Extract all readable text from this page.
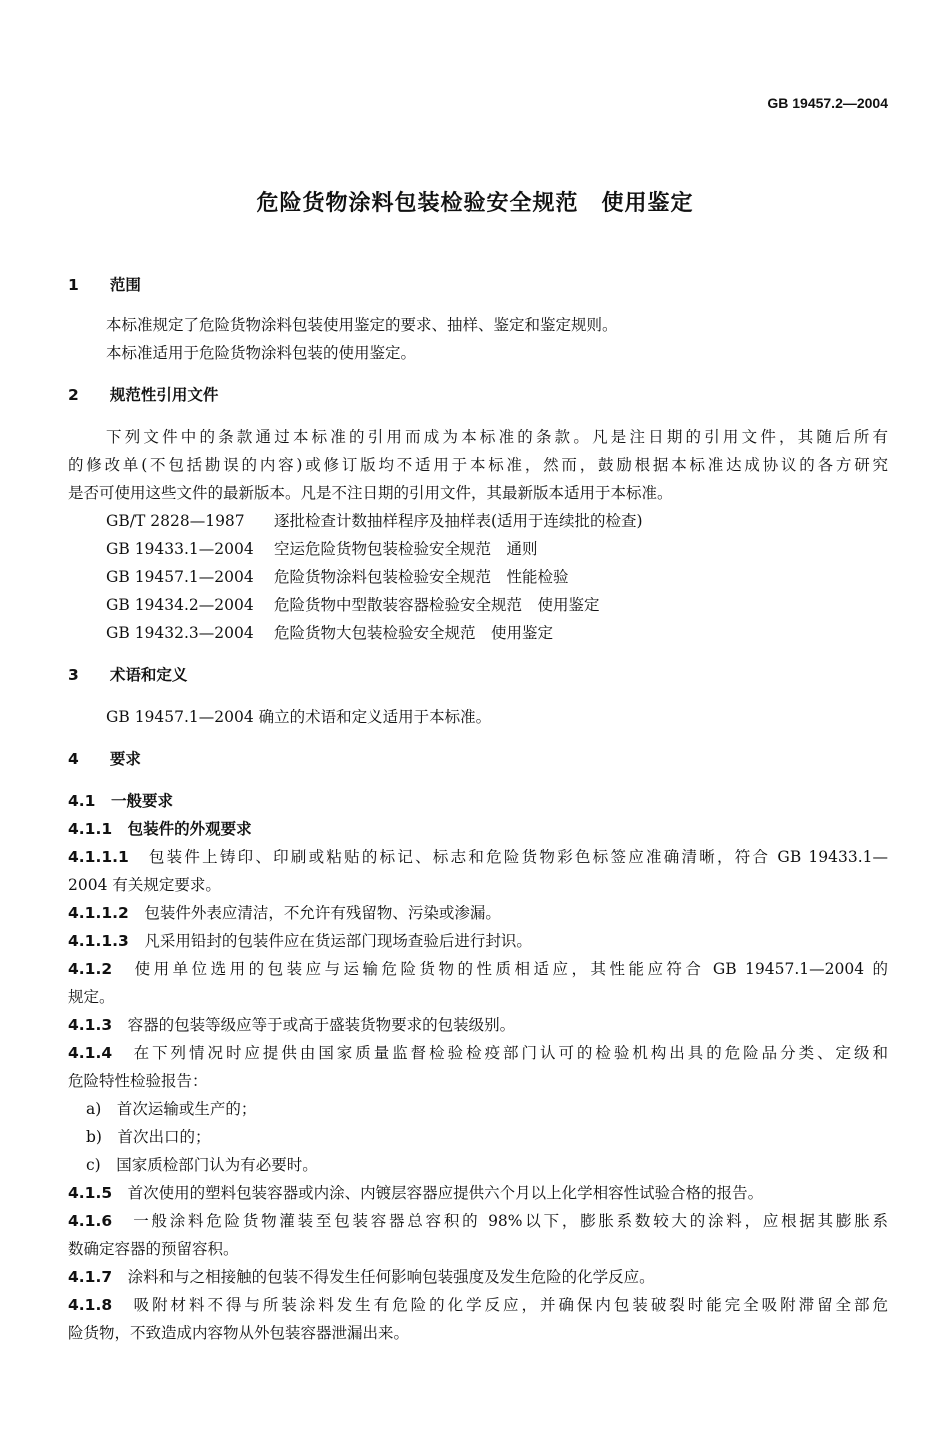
GB 19457.2—2004
危险货物涂料包装检验安全规范　使用鉴定
1　　 范围
本标准规定了危险货物涂料包装使用鉴定的要求、抽样、鉴定和鉴定规则。
本标准适用于危险货物涂料包装的使用鉴定。
2　　 规范性引用文件
下列文件中的条款通过本标准的引用而成为本标准的条款。凡是注日期的引用文件，其随后所有
的修改单(不包括勘误的内容)或修订版均不适用于本标准，然而，鼓励根据本标准达成协议的各方研究
是否可使用这些文件的最新版本。凡是不注日期的引用文件，其最新版本适用于本标准。
GB/T 2828—1987 逐批检查计数抽样程序及抽样表(适用于连续批的检查)
GB 19433.1—2004 空运危险货物包装检验安全规范　通则
GB 19457.1—2004 危险货物涂料包装检验安全规范　性能检验
GB 19434.2—2004 危险货物中型散装容器检验安全规范　使用鉴定
GB 19432.3—2004 危险货物大包装检验安全规范　使用鉴定
3　　 术语和定义
GB 19457.1—2004 确立的术语和定义适用于本标准。
4　　 要求
4.1　 一般要求
4.1.1　 包装件的外观要求
4.1.1.1　 包装件上铸印、印刷或粘贴的标记、标志和危险货物彩色标签应准确清晰，符合 GB 19433.1—
2004 有关规定要求。
4.1.1.2　 包装件外表应清洁，不允许有残留物、污染或渗漏。
4.1.1.3　 凡采用铅封的包装件应在货运部门现场查验后进行封识。
4.1.2　 使用单位选用的包装应与运输危险货物的性质相适应，其性能应符合 GB 19457.1—2004 的
规定。
4.1.3　 容器的包装等级应等于或高于盛装货物要求的包装级别。
4.1.4　 在下列情况时应提供由国家质量监督检验检疫部门认可的检验机构出具的危险品分类、定级和
危险特性检验报告：
a)　 首次运输或生产的；
b)　 首次出口的；
c)　 国家质检部门认为有必要时。
4.1.5　 首次使用的塑料包装容器或内涂、内镀层容器应提供六个月以上化学相容性试验合格的报告。
4.1.6　 一般涂料危险货物灌装至包装容器总容积的 98%以下，膨胀系数较大的涂料，应根据其膨胀系
数确定容器的预留容积。
4.1.7　 涂料和与之相接触的包装不得发生任何影响包装强度及发生危险的化学反应。
4.1.8　 吸附材料不得与所装涂料发生有危险的化学反应，并确保内包装破裂时能完全吸附滞留全部危
险货物，不致造成内容物从外包装容器泄漏出来。
